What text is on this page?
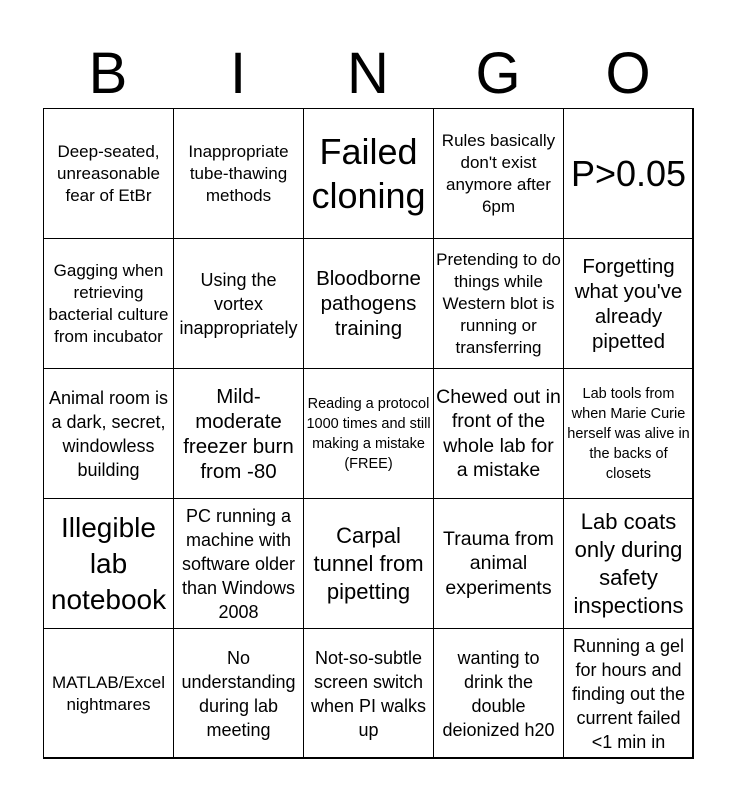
B	I	N	G	O
Deep-seated, unreasonable fear of EtBr
Inappropriate tube-thawing methods
Failed cloning
Rules basically don't exist anymore after 6pm
P>0.05
Gagging when retrieving bacterial culture from incubator
Using the vortex inappropriately
Bloodborne pathogens training
Pretending to do things while Western blot is running or transferring
Forgetting what you've already pipetted
Animal room is a dark, secret, windowless building
Mild-moderate freezer burn from -80
Reading a protocol 1000 times and still making a mistake (FREE)
Chewed out in front of the whole lab for a mistake
Lab tools from when Marie Curie herself was alive in the backs of closets
Illegible lab notebook
PC running a machine with software older than Windows 2008
Carpal tunnel from pipetting
Trauma from animal experiments
Lab coats only during safety inspections
MATLAB/Excel nightmares
No understanding during lab meeting
Not-so-subtle screen switch when PI walks up
wanting to drink the double deionized h20
Running a gel for hours and finding out the current failed <1 min in
